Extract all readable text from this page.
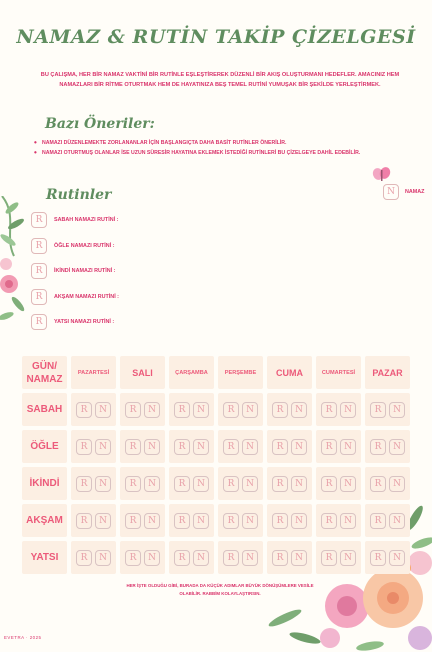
NAMAZ & RUTİN TAKİP ÇİZELGESİ
BU ÇALIŞMA, HER BİR NAMAZ VAKTİNİ BİR RUTİNLE EŞLEŞTİREREK DÜZENLİ BİR AKIŞ OLUŞTURMANI HEDEFLER. AMACINIZ HEM NAMAZLARI BİR RİTME OTURTMAK HEM DE HAYATINIZA BEŞ TEMEL RUTİNİ YUMUŞAK BİR ŞEKİLDE YERLEŞTİRMEK.
Bazı Öneriler:
• NAMAZI DÜZENLEMEKTE ZORLANANLAR İÇİN BAŞLANGIÇTA DAHA BASİT RUTİNLER ÖNERİLİR.
• NAMAZI OTURTMUŞ OLANLAR İSE UZUN SÜRESİR HAYATINA EKLEMEK İSTEDİĞİ RUTİNLERİ BU ÇİZELGEYE DAHİL EDEBİLİR.
N	NAMAZ
Rutinler
R	SABAH NAMAZI RUTİNİ :
R	ÖĞLE NAMAZI RUTİNİ :
R	İKİNDİ NAMAZI RUTİNİ :
R	AKŞAM NAMAZI RUTİNİ :
R	YATSI NAMAZI RUTİNİ :
GÜN/
NAMAZ
PAZARTESİ	SALI	ÇARŞAMBA	PERŞEMBE CUMA	CUMARTESİ PAZAR
SABAH	R	N	R	N	R	N	R	N	R	N	R	N	R	N
ÖĞLE	R	N	R	N	R	N	R	N	R	N	R	N	R	N
İKİNDİ	R	N	R	N	R	N	R	N	R	N	R	N	R	N
AKŞAM	R	N	R	N	R	N	R	N	R	N	R	N	R	N
YATSI	R	N	R	N	R	N	R	N	R	N	R	N	R	N
HER İŞTE OLDUĞU GİBİ, BURADA DA KÜÇÜK ADIMLAR BÜYÜK DÖNÜŞÜMLERE VESİLE OLABİLİR. RABBİM KOLAYLAŞTIRSIN.
EVETRA · 2025
